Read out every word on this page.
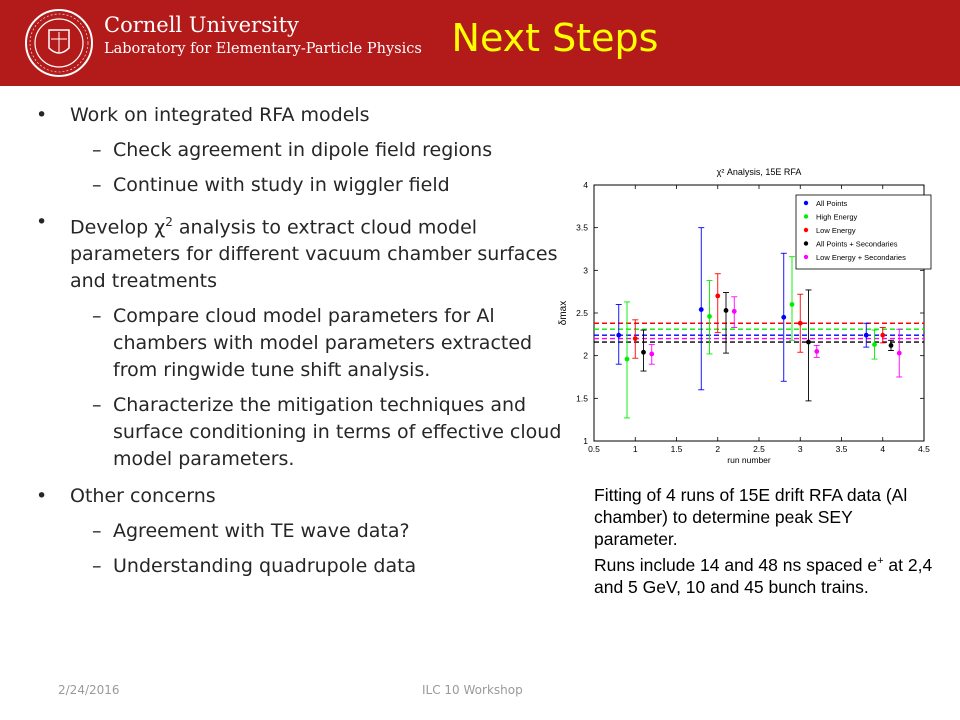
Cornell University
Laboratory for Elementary-Particle Physics Next Steps
• Work on integrated RFA models
– Check agreement in dipole field regions
– Continue with study in wiggler field
• Develop $\chi^2$ analysis to extract cloud model parameters for different vacuum chamber surfaces and treatments
– Compare cloud model parameters for Al chambers with model parameters extracted from ringwide tune shift analysis.
– Characterize the mitigation techniques and surface conditioning in terms of effective cloud model parameters.
• Other concerns
– Agreement with TE wave data?
– Understanding quadrupole data
χ² Analysis, 15E RFA
0.5	1	1.5	2	2.5	3	3.5	4	4.5
1
1.5
2
2.5
3
3.5
4
run number
δmax
All Points
High Energy
Low Energy
All Points + Secondaries
Low Energy + Secondaries
Fitting of 4 runs of 15E drift RFA data (Al chamber) to determine peak SEY parameter.
Runs include 14 and 48 ns spaced e+ at 2,4 and 5 GeV, 10 and 45 bunch trains.
2/24/2016	ILC 10 Workshop
